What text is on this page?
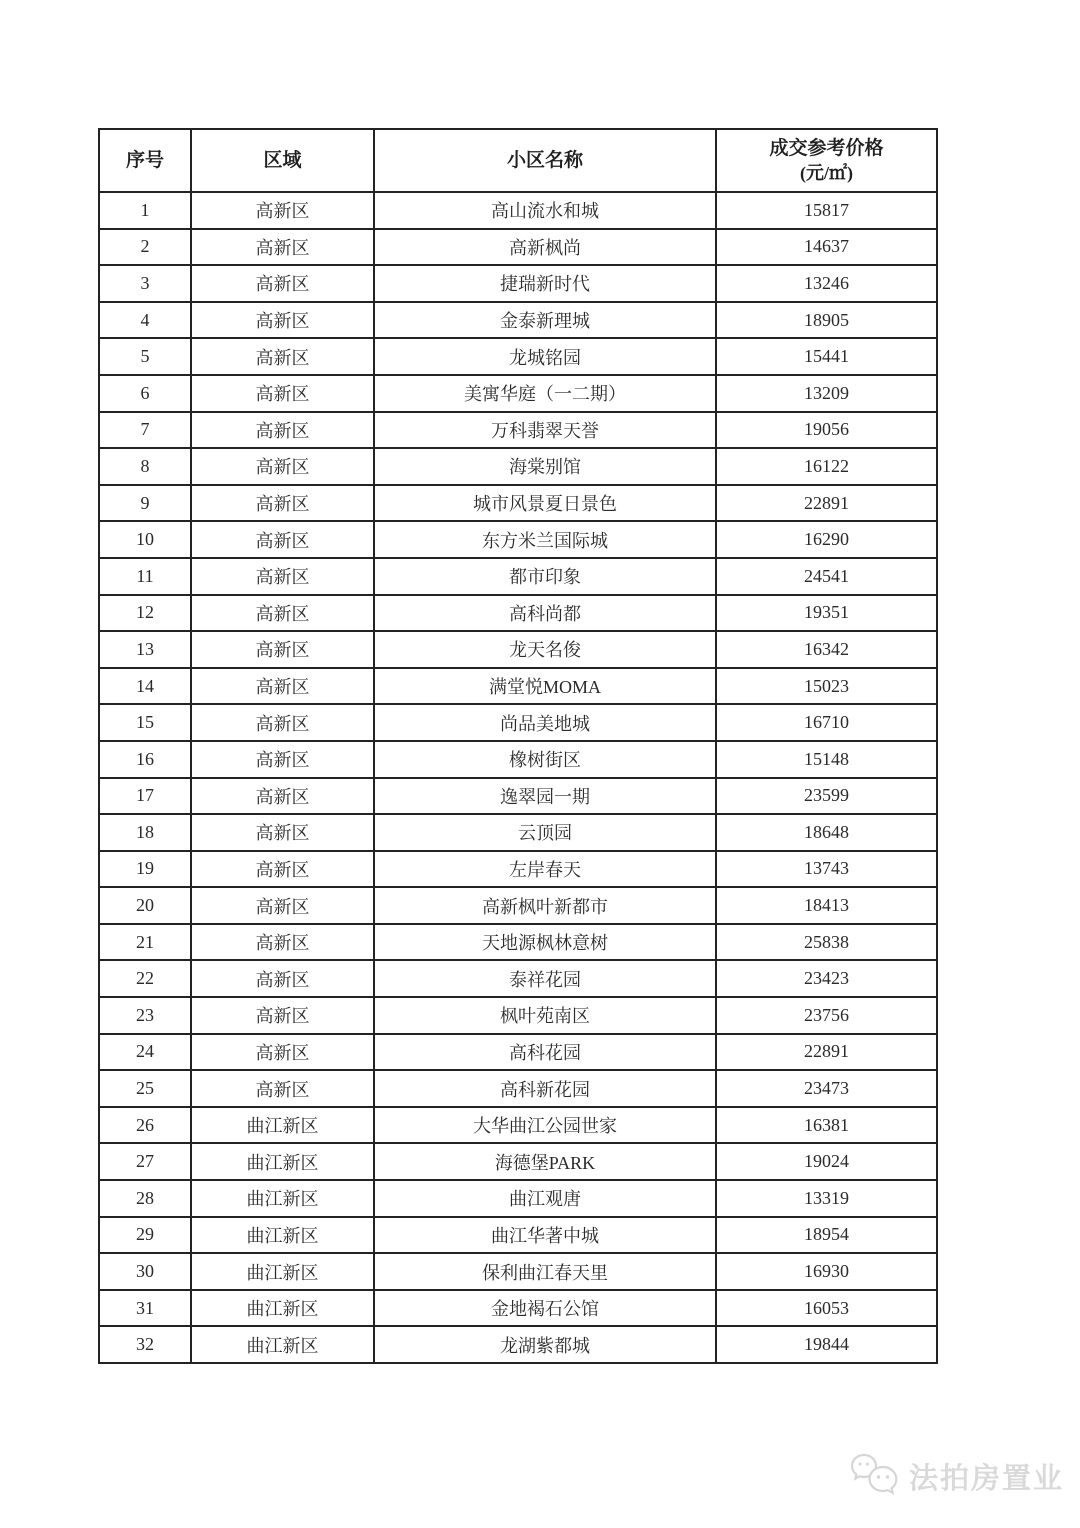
序号	区域	小区名称	成交参考价格
(元/㎡)

1	高新区	高山流水和城	15817
2	高新区	高新枫尚	14637
3	高新区	捷瑞新时代	13246
4	高新区	金泰新理城	18905
5	高新区	龙城铭园	15441
6	高新区	美寓华庭（一二期）	13209
7	高新区	万科翡翠天誉	19056
8	高新区	海棠别馆	16122
9	高新区	城市风景夏日景色	22891
10	高新区	东方米兰国际城	16290
11	高新区	都市印象	24541
12	高新区	高科尚都	19351
13	高新区	龙天名俊	16342
14	高新区	满堂悦MOMA	15023
15	高新区	尚品美地城	16710
16	高新区	橡树街区	15148
17	高新区	逸翠园一期	23599
18	高新区	云顶园	18648
19	高新区	左岸春天	13743
20	高新区	高新枫叶新都市	18413
21	高新区	天地源枫林意树	25838
22	高新区	泰祥花园	23423
23	高新区	枫叶苑南区	23756
24	高新区	高科花园	22891
25	高新区	高科新花园	23473
26	曲江新区	大华曲江公园世家	16381
27	曲江新区	海德堡PARK	19024
28	曲江新区	曲江观唐	13319
29	曲江新区	曲江华著中城	18954
30	曲江新区	保利曲江春天里	16930
31	曲江新区	金地褐石公馆	16053
32	曲江新区	龙湖紫都城	19844
法拍房置业
